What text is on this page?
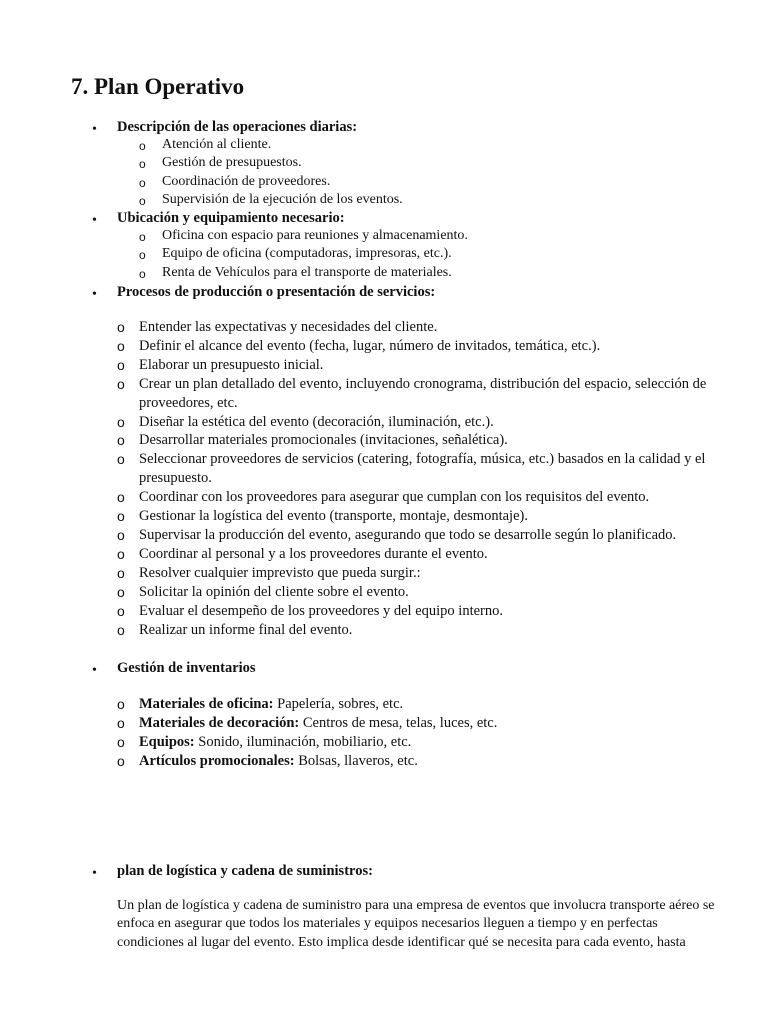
7. Plan Operativo
• Descripción de las operaciones diarias:
o Atención al cliente.
o Gestión de presupuestos.
o Coordinación de proveedores.
o Supervisión de la ejecución de los eventos.
• Ubicación y equipamiento necesario:
o Oficina con espacio para reuniones y almacenamiento.
o Equipo de oficina (computadoras, impresoras, etc.).
o Renta de Vehículos para el transporte de materiales.
• Procesos de producción o presentación de servicios:
o Entender las expectativas y necesidades del cliente.
o Definir el alcance del evento (fecha, lugar, número de invitados, temática, etc.).
o Elaborar un presupuesto inicial.
o Crear un plan detallado del evento, incluyendo cronograma, distribución del espacio, selección de proveedores, etc.
o Diseñar la estética del evento (decoración, iluminación, etc.).
o Desarrollar materiales promocionales (invitaciones, señalética).
o Seleccionar proveedores de servicios (catering, fotografía, música, etc.) basados en la calidad y el presupuesto.
o Coordinar con los proveedores para asegurar que cumplan con los requisitos del evento.
o Gestionar la logística del evento (transporte, montaje, desmontaje).
o Supervisar la producción del evento, asegurando que todo se desarrolle según lo planificado.
o Coordinar al personal y a los proveedores durante el evento.
o Resolver cualquier imprevisto que pueda surgir.:
o Solicitar la opinión del cliente sobre el evento.
o Evaluar el desempeño de los proveedores y del equipo interno.
o Realizar un informe final del evento.
• Gestión de inventarios
o Materiales de oficina: Papelería, sobres, etc.
o Materiales de decoración: Centros de mesa, telas, luces, etc.
o Equipos: Sonido, iluminación, mobiliario, etc.
o Artículos promocionales: Bolsas, llaveros, etc.
• plan de logística y cadena de suministros:
Un plan de logística y cadena de suministro para una empresa de eventos que involucra transporte aéreo se enfoca en asegurar que todos los materiales y equipos necesarios lleguen a tiempo y en perfectas condiciones al lugar del evento. Esto implica desde identificar qué se necesita para cada evento, hasta
